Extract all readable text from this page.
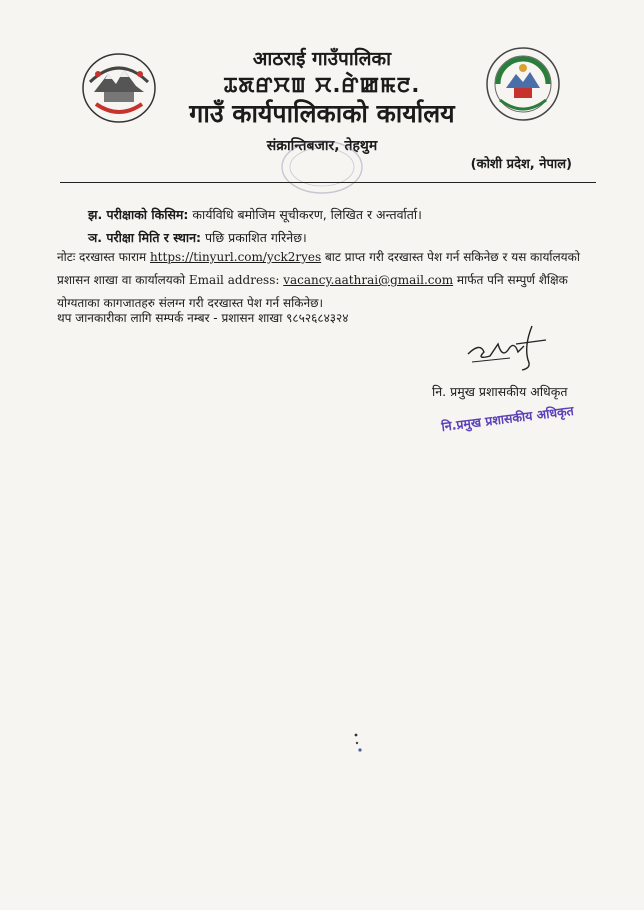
आठराई गाउँपालिका
ꯊꯗꯔꯆꯡ ꯆ.ꯔꯥꯀꯃꯂ.
गाउँ कार्यपालिकाको कार्यालय
संक्रान्तिबजार, तेहथुम
(कोशी प्रदेश, नेपाल)
झ. परीक्षाको किसिम: कार्यविधि बमोजिम सूचीकरण, लिखित र अन्तर्वार्ता।
ञ. परीक्षा मिति र स्थान: पछि प्रकाशित गरिनेछ।
नोटः दरखास्त फाराम https://tinyurl.com/yck2ryes बाट प्राप्त गरी दरखास्त पेश गर्न सकिनेछ र यस कार्यालयको प्रशासन शाखा वा कार्यालयको Email address: vacancy.aathrai@gmail.com मार्फत पनि सम्पुर्ण शैक्षिक योग्यताका कागजातहरु संलग्न गरी दरखास्त पेश गर्न सकिनेछ।
थप जानकारीका लागि सम्पर्क नम्बर - प्रशासन शाखा ९८५२६८४३२४
नि. प्रमुख प्रशासकीय अधिकृत
नि.प्रमुख प्रशासकीय अधिकृत
